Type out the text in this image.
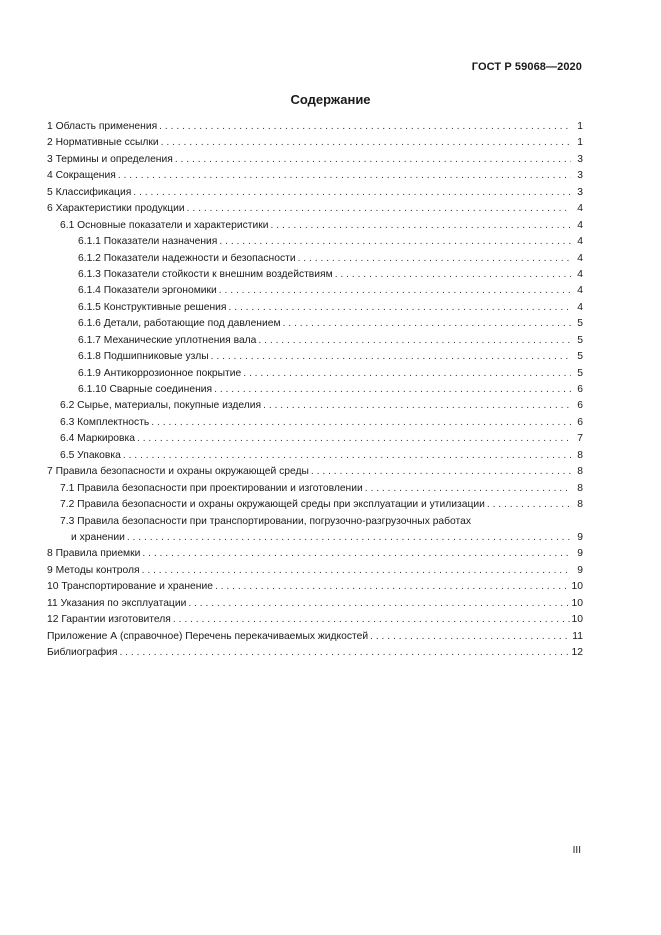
ГОСТ Р 59068—2020
Содержание
1 Область применения . . .	1
2 Нормативные ссылки . . .	1
3 Термины и определения . . .	3
4 Сокращения . . .	3
5 Классификация . . .	3
6 Характеристики продукции . . .	4
6.1 Основные показатели и характеристики . . .	4
6.1.1 Показатели назначения . . .	4
6.1.2 Показатели надежности и безопасности . . .	4
6.1.3 Показатели стойкости к внешним воздействиям . . .	4
6.1.4 Показатели эргономики . . .	4
6.1.5 Конструктивные решения . . .	4
6.1.6 Детали, работающие под давлением . . .	5
6.1.7 Механические уплотнения вала . . .	5
6.1.8 Подшипниковые узлы . . .	5
6.1.9 Антикоррозионное покрытие . . .	5
6.1.10 Сварные соединения . . .	6
6.2 Сырье, материалы, покупные изделия . . .	6
6.3 Комплектность . . .	6
6.4 Маркировка . . .	7
6.5 Упаковка . . .	8
7 Правила безопасности и охраны окружающей среды . . .	8
7.1 Правила безопасности при проектировании и изготовлении . . .	8
7.2 Правила безопасности и охраны окружающей среды при эксплуатации и утилизации . . .	8
7.3 Правила безопасности при транспортировании, погрузочно-разгрузочных работах
и хранении . . .	9
8 Правила приемки . . .	9
9 Методы контроля . . .	9
10 Транспортирование и хранение . . .	10
11 Указания по эксплуатации . . .	10
12 Гарантии изготовителя . . .	10
Приложение А (справочное) Перечень перекачиваемых жидкостей . . .	11
Библиография . . .	12
III
